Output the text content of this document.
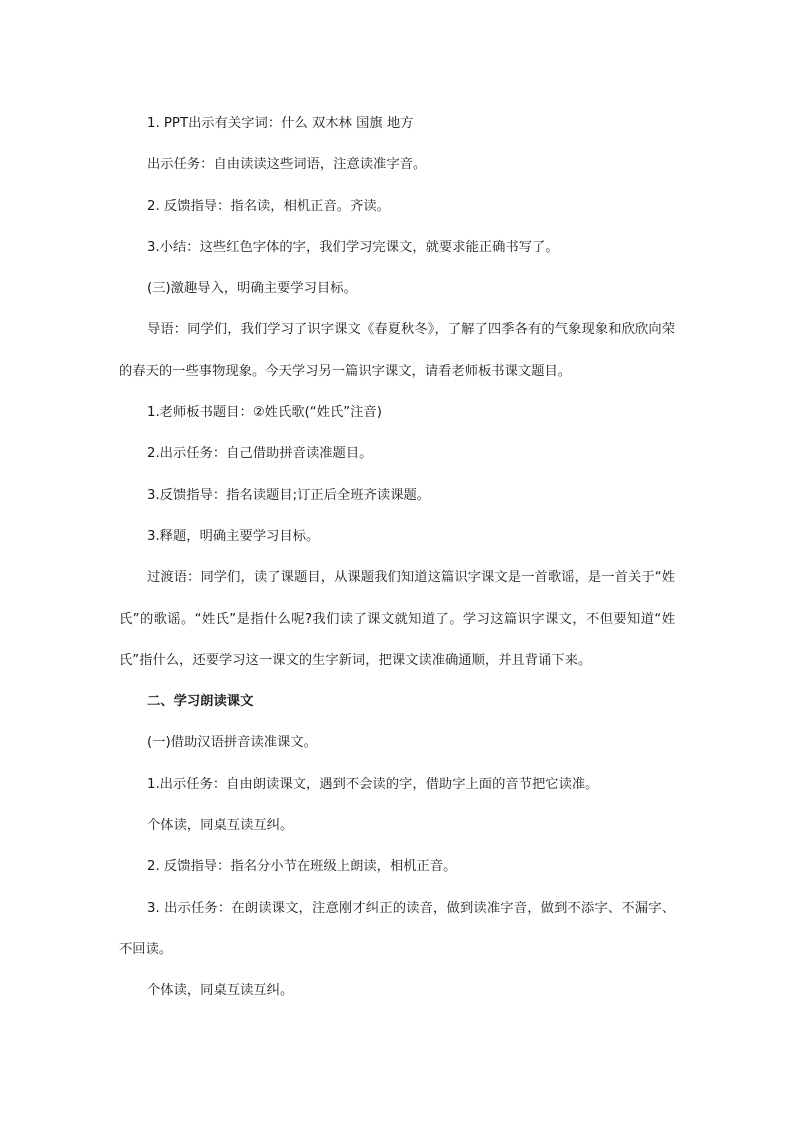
1. PPT出示有关字词：什么 双木林 国旗 地方

出示任务：自由读读这些词语，注意读准字音。

2. 反馈指导：指名读，相机正音。齐读。

3.小结：这些红色字体的字，我们学习完课文，就要求能正确书写了。

(三)激趣导入，明确主要学习目标。

导语：同学们，我们学习了识字课文《春夏秋冬》，了解了四季各有的气象现象和欣欣向荣的春天的一些事物现象。今天学习另一篇识字课文，请看老师板书课文题目。

1.老师板书题目：②姓氏歌(“姓氏”注音)

2.出示任务：自己借助拼音读准题目。

3.反馈指导：指名读题目;订正后全班齐读课题。

3.释题，明确主要学习目标。

过渡语：同学们，读了课题目，从课题我们知道这篇识字课文是一首歌谣，是一首关于“姓氏”的歌谣。“姓氏”是指什么呢?我们读了课文就知道了。学习这篇识字课文，不但要知道“姓氏”指什么，还要学习这一课文的生字新词，把课文读准确通顺，并且背诵下来。

二、学习朗读课文

(一)借助汉语拼音读准课文。

1.出示任务：自由朗读课文，遇到不会读的字，借助字上面的音节把它读准。

个体读，同桌互读互纠。

2. 反馈指导：指名分小节在班级上朗读，相机正音。

3. 出示任务：在朗读课文，注意刚才纠正的读音，做到读准字音，做到不添字、不漏字、不回读。

个体读，同桌互读互纠。
